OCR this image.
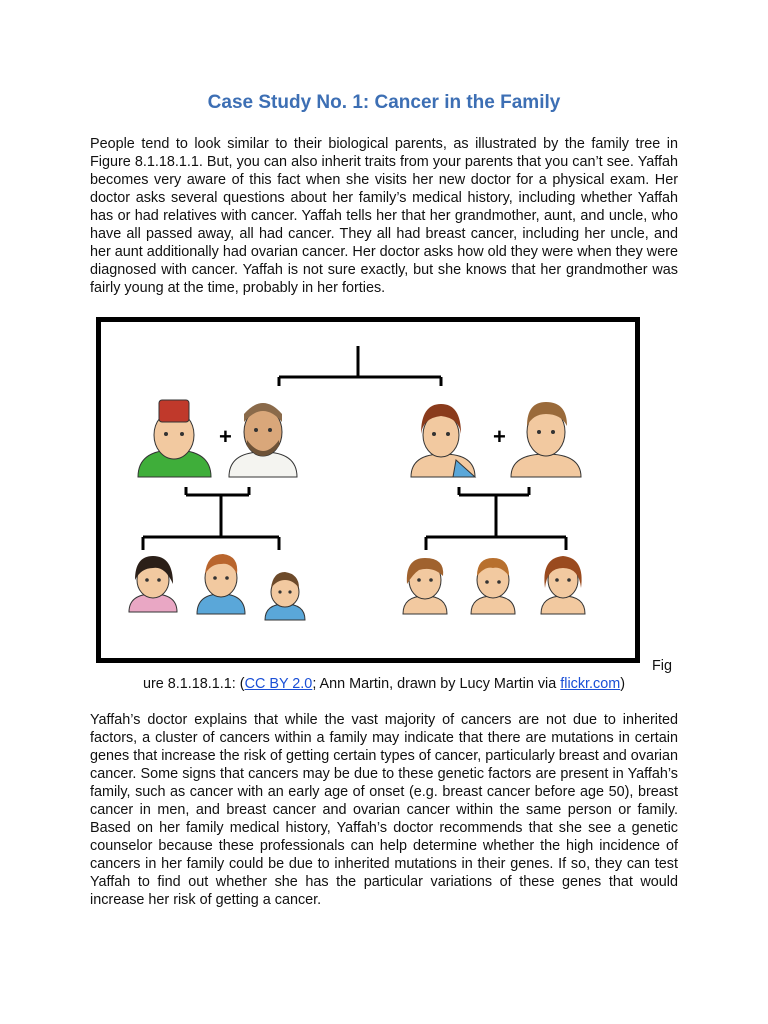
Case Study No. 1: Cancer in the Family

People tend to look similar to their biological parents, as illustrated by the family tree in Figure 8.1.18.1.1. But, you can also inherit traits from your parents that you can’t see. Yaffah becomes very aware of this fact when she visits her new doctor for a physical exam. Her doctor asks several questions about her family’s medical history, including whether Yaffah has or had relatives with cancer. Yaffah tells her that her grandmother, aunt, and uncle, who have all passed away, all had cancer. They all had breast cancer, including her uncle, and her aunt additionally had ovarian cancer. Her doctor asks how old they were when they were diagnosed with cancer. Yaffah is not sure exactly, but she knows that her grandmother was fairly young at the time, probably in her forties.

+	+
Fig
ure 8.1.18.1.1: (CC BY 2.0; Ann Martin, drawn by Lucy Martin via flickr.com)

Yaffah’s doctor explains that while the vast majority of cancers are not due to inherited factors, a cluster of cancers within a family may indicate that there are mutations in certain genes that increase the risk of getting certain types of cancer, particularly breast and ovarian cancer. Some signs that cancers may be due to these genetic factors are present in Yaffah’s family, such as cancer with an early age of onset (e.g. breast cancer before age 50), breast cancer in men, and breast cancer and ovarian cancer within the same person or family. Based on her family medical history, Yaffah’s doctor recommends that she see a genetic counselor because these professionals can help determine whether the high incidence of cancers in her family could be due to inherited mutations in their genes. If so, they can test Yaffah to find out whether she has the particular variations of these genes that would increase her risk of getting a cancer.
